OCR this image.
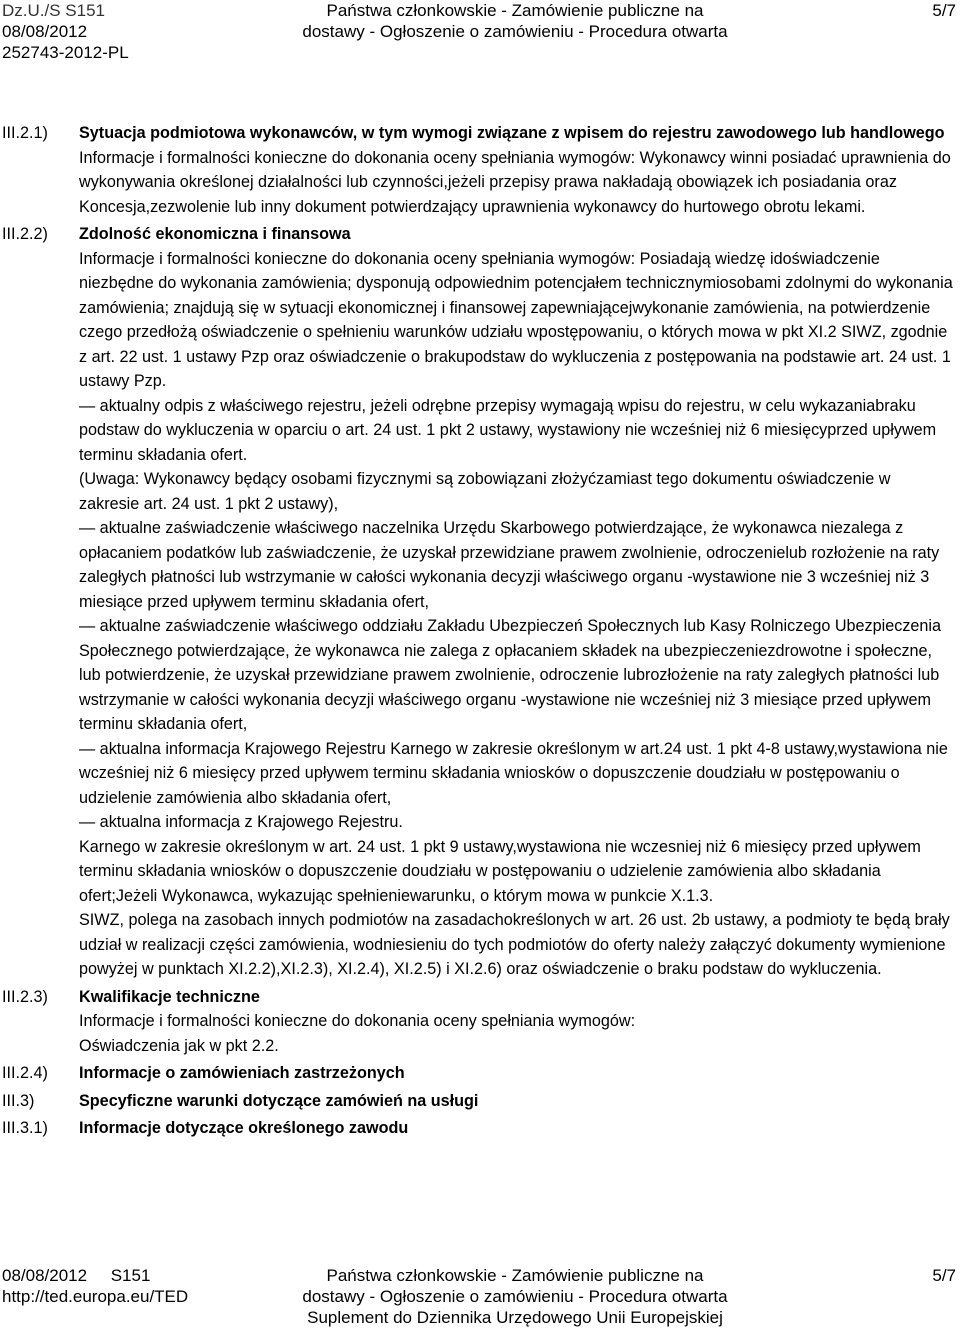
Dz.U./S S151
08/08/2012
252743-2012-PL
Państwa członkowskie - Zamówienie publiczne na
dostawy - Ogłoszenie o zamówieniu - Procedura otwarta
5/7
III.2.1)	Sytuacja podmiotowa wykonawców, w tym wymogi związane z wpisem do rejestru zawodowego lub handlowego

Informacje i formalności konieczne do dokonania oceny spełniania wymogów: Wykonawcy winni posiadać uprawnienia do wykonywania określonej działalności lub czynności,jeżeli przepisy prawa nakładają obowiązek ich posiadania oraz Koncesja,zezwolenie lub inny dokument potwierdzający uprawnienia wykonawcy do hurtowego obrotu lekami.

III.2.2)	Zdolność ekonomiczna i finansowa

Informacje i formalności konieczne do dokonania oceny spełniania wymogów: Posiadają wiedzę idoświadczenie niezbędne do wykonania zamówienia; dysponują odpowiednim potencjałem technicznymiosobami zdolnymi do wykonania zamówienia; znajdują się w sytuacji ekonomicznej i finansowej zapewniającejwykonanie zamówienia, na potwierdzenie czego przedłożą oświadczenie o spełnieniu warunków udziału wpostępowaniu, o których mowa w pkt XI.2 SIWZ, zgodnie z art. 22 ust. 1 ustawy Pzp oraz oświadczenie o brakupodstaw do wykluczenia z postępowania na podstawie art. 24 ust. 1 ustawy Pzp.

— aktualny odpis z właściwego rejestru, jeżeli odrębne przepisy wymagają wpisu do rejestru, w celu wykazaniabraku podstaw do wykluczenia w oparciu o art. 24 ust. 1 pkt 2 ustawy, wystawiony nie wcześniej niż 6 miesięcyprzed upływem terminu składania ofert.

(Uwaga: Wykonawcy będący osobami fizycznymi są zobowiązani złożyćzamiast tego dokumentu oświadczenie w zakresie art. 24 ust. 1 pkt 2 ustawy),

— aktualne zaświadczenie właściwego naczelnika Urzędu Skarbowego potwierdzające, że wykonawca niezalega z opłacaniem podatków lub zaświadczenie, że uzyskał przewidziane prawem zwolnienie, odroczenielub rozłożenie na raty zaległych płatności lub wstrzymanie w całości wykonania decyzji właściwego organu -wystawione nie 3 wcześniej niż 3 miesiące przed upływem terminu składania ofert,

— aktualne zaświadczenie właściwego oddziału Zakładu Ubezpieczeń Społecznych lub Kasy Rolniczego Ubezpieczenia Społecznego potwierdzające, że wykonawca nie zalega z opłacaniem składek na ubezpieczeniezdrowotne i społeczne, lub potwierdzenie, że uzyskał przewidziane prawem zwolnienie, odroczenie lubrozłożenie na raty zaległych płatności lub wstrzymanie w całości wykonania decyzji właściwego organu -wystawione nie wcześniej niż 3 miesiące przed upływem terminu składania ofert,

— aktualna informacja Krajowego Rejestru Karnego w zakresie określonym w art.24 ust. 1 pkt 4-8 ustawy,wystawiona nie wcześniej niż 6 miesięcy przed upływem terminu składania wniosków o dopuszczenie doudziału w postępowaniu o udzielenie zamówienia albo składania ofert,

— aktualna informacja z Krajowego Rejestru.

Karnego w zakresie określonym w art. 24 ust. 1 pkt 9 ustawy,wystawiona nie wczesniej niż 6 miesięcy przed upływem terminu składania wniosków o dopuszczenie doudziału w postępowaniu o udzielenie zamówienia albo składania ofert;Jeżeli Wykonawca, wykazując spełnieniewarunku, o którym mowa w punkcie X.1.3.

SIWZ, polega na zasobach innych podmiotów na zasadachokreślonych w art. 26 ust. 2b ustawy, a podmioty te będą brały udział w realizacji części zamówienia, wodniesieniu do tych podmiotów do oferty należy załączyć dokumenty wymienione powyżej w punktach XI.2.2),XI.2.3), XI.2.4), XI.2.5) i XI.2.6) oraz oświadczenie o braku podstaw do wykluczenia.

III.2.3)	Kwalifikacje techniczne

Informacje i formalności konieczne do dokonania oceny spełniania wymogów:

Oświadczenia jak w pkt 2.2.

III.2.4)	Informacje o zamówieniach zastrzeżonych

III.3)	Specyficzne warunki dotyczące zamówień na usługi

III.3.1)	Informacje dotyczące określonego zawodu

08/08/2012     S151
http://ted.europa.eu/TED
Państwa członkowskie - Zamówienie publiczne na
dostawy - Ogłoszenie o zamówieniu - Procedura otwarta
Suplement do Dziennika Urzędowego Unii Europejskiej
5/7
